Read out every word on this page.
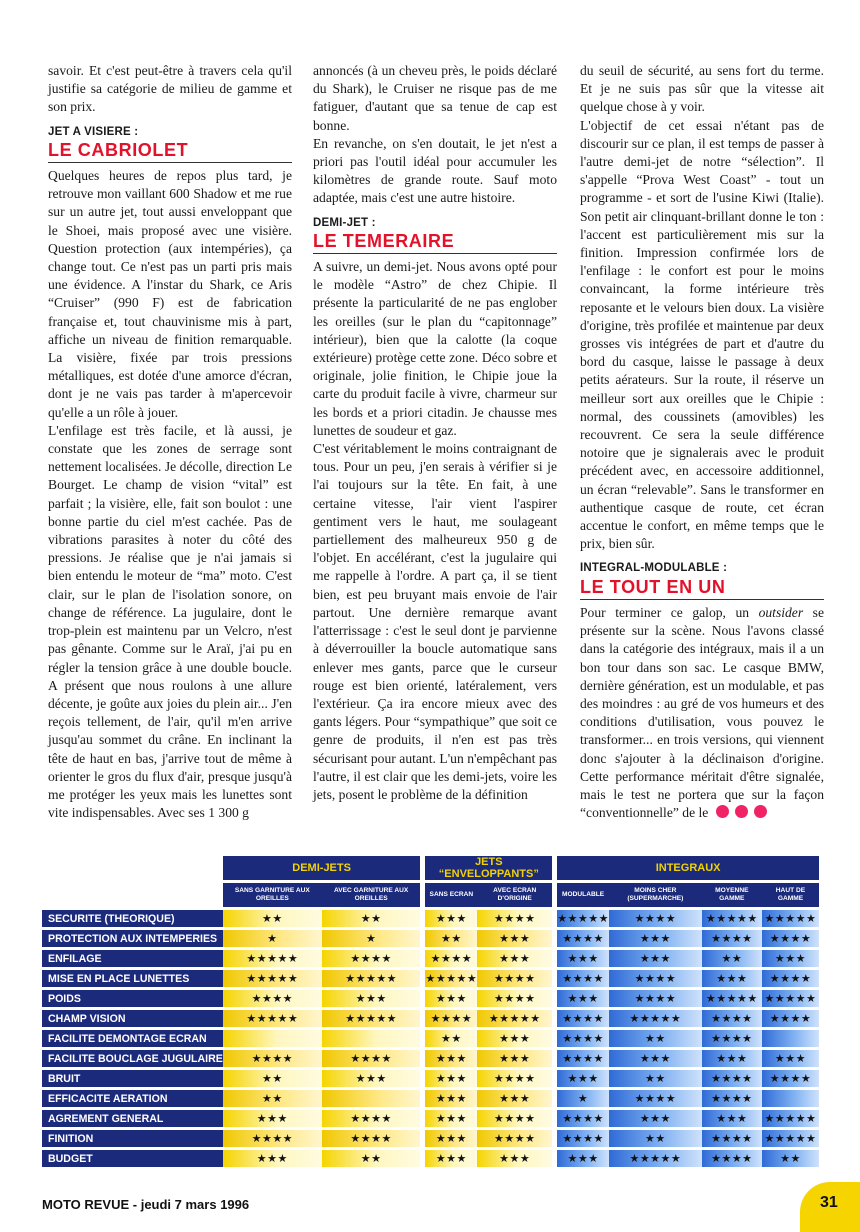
savoir. Et c'est peut-être à travers cela qu'il justifie sa catégorie de milieu de gamme et son prix.

JET A VISIERE :
LE CABRIOLET

Quelques heures de repos plus tard, je retrouve mon vaillant 600 Shadow et me rue sur un autre jet, tout aussi enveloppant que le Shoei, mais proposé avec une visière. Question protection (aux intempéries), ça change tout. Ce n'est pas un parti pris mais une évidence. A l'instar du Shark, ce Aris “Cruiser” (990 F) est de fabrication française et, tout chauvinisme mis à part, affiche un niveau de finition remarquable. La visière, fixée par trois pressions métalliques, est dotée d'une amorce d'écran, dont je ne vais pas tarder à m'apercevoir qu'elle a un rôle à jouer.

L'enfilage est très facile, et là aussi, je constate que les zones de serrage sont nettement localisées. Je décolle, direction Le Bourget. Le champ de vision “vital” est parfait ; la visière, elle, fait son boulot : une bonne partie du ciel m'est cachée. Pas de vibrations parasites à noter du côté des pressions. Je réalise que je n'ai jamais si bien entendu le moteur de “ma” moto. C'est clair, sur le plan de l'isolation sonore, on change de référence. La jugulaire, dont le trop-plein est maintenu par un Velcro, n'est pas gênante. Comme sur le Araï, j'ai pu en régler la tension grâce à une double boucle. A présent que nous roulons à une allure décente, je goûte aux joies du plein air... J'en reçois tellement, de l'air, qu'il m'en arrive jusqu'au sommet du crâne. En inclinant la tête de haut en bas, j'arrive tout de même à orienter le gros du flux d'air, presque jusqu'à me protéger les yeux mais les lunettes sont vite indispensables. Avec ses 1 300 g

annoncés (à un cheveu près, le poids déclaré du Shark), le Cruiser ne risque pas de me fatiguer, d'autant que sa tenue de cap est bonne.

En revanche, on s'en doutait, le jet n'est a priori pas l'outil idéal pour accumuler les kilomètres de grande route. Sauf moto adaptée, mais c'est une autre histoire.

DEMI-JET :
LE TEMERAIRE

A suivre, un demi-jet. Nous avons opté pour le modèle “Astro” de chez Chipie. Il présente la particularité de ne pas englober les oreilles (sur le plan du “capitonnage” intérieur), bien que la calotte (la coque extérieure) protège cette zone. Déco sobre et originale, jolie finition, le Chipie joue la carte du produit facile à vivre, charmeur sur les bords et a priori citadin. Je chausse mes lunettes de soudeur et gaz.

C'est véritablement le moins contraignant de tous. Pour un peu, j'en serais à vérifier si je l'ai toujours sur la tête. En fait, à une certaine vitesse, l'air vient l'aspirer gentiment vers le haut, me soulageant partiellement des malheureux 950 g de l'objet. En accélérant, c'est la jugulaire qui me rappelle à l'ordre. A part ça, il se tient bien, est peu bruyant mais envoie de l'air partout. Une dernière remarque avant l'atterrissage : c'est le seul dont je parvienne à déverrouiller la boucle automatique sans enlever mes gants, parce que le curseur rouge est bien orienté, latéralement, vers l'extérieur. Ça ira encore mieux avec des gants légers. Pour “sympathique” que soit ce genre de produits, il n'en est pas très sécurisant pour autant. L'un n'empêchant pas l'autre, il est clair que les demi-jets, voire les jets, posent le problème de la définition

du seuil de sécurité, au sens fort du terme. Et je ne suis pas sûr que la vitesse ait quelque chose à y voir.

L'objectif de cet essai n'étant pas de discourir sur ce plan, il est temps de passer à l'autre demi-jet de notre “sélection”. Il s'appelle “Prova West Coast” - tout un programme - et sort de l'usine Kiwi (Italie). Son petit air clinquant-brillant donne le ton : l'accent est particulièrement mis sur la finition. Impression confirmée lors de l'enfilage : le confort est pour le moins convaincant, la forme intérieure très reposante et le velours bien doux. La visière d'origine, très profilée et maintenue par deux grosses vis intégrées de part et d'autre du bord du casque, laisse le passage à deux petits aérateurs. Sur la route, il réserve un meilleur sort aux oreilles que le Chipie : normal, des coussinets (amovibles) les recouvrent. Ce sera la seule différence notoire que je signalerais avec le produit précédent avec, en accessoire additionnel, un écran “relevable”. Sans le transformer en authentique casque de route, cet écran accentue le confort, en même temps que le prix, bien sûr.

INTEGRAL-MODULABLE :
LE TOUT EN UN

Pour terminer ce galop, un outsider se présente sur la scène. Nous l'avons classé dans la catégorie des intégraux, mais il a un bon tour dans son sac. Le casque BMW, dernière génération, est un modulable, et pas des moindres : au gré de vos humeurs et des conditions d'utilisation, vous pouvez le transformer... en trois versions, qui viennent donc s'ajouter à la déclinaison d'origine. Cette performance méritait d'être signalée, mais le test ne portera que sur la façon “conventionnelle” de le

	DEMI-JETS			JETS “ENVELOPPANTS”			INTEGRAUX			
	SANS GARNITURE AUX OREILLES	AVEC GARNITURE AUX OREILLES		SANS ECRAN	AVEC ECRAN D'ORIGINE		MODULABLE	MOINS CHER (SUPERMARCHE)	MOYENNE GAMME	HAUT DE GAMME
SECURITE (THEORIQUE)	★★	★★		★★★	★★★★		★★★★★	★★★★	★★★★★	★★★★★
PROTECTION AUX INTEMPERIES	★	★		★★	★★★		★★★★	★★★	★★★★	★★★★
ENFILAGE	★★★★★	★★★★		★★★★	★★★		★★★	★★★	★★	★★★
MISE EN PLACE LUNETTES	★★★★★	★★★★★		★★★★★	★★★★		★★★★	★★★★	★★★	★★★★
POIDS	★★★★	★★★		★★★	★★★★		★★★	★★★★	★★★★★	★★★★★
CHAMP VISION	★★★★★	★★★★★		★★★★	★★★★★		★★★★	★★★★★	★★★★	★★★★
FACILITE DEMONTAGE ECRAN				★★	★★★		★★★★	★★	★★★★	
FACILITE BOUCLAGE JUGULAIRE	★★★★	★★★★		★★★	★★★		★★★★	★★★	★★★	★★★
BRUIT	★★	★★★		★★★	★★★★		★★★	★★	★★★★	★★★★
EFFICACITE AERATION	★★			★★★	★★★		★	★★★★	★★★★	
AGREMENT GENERAL	★★★	★★★★		★★★	★★★★		★★★★	★★★	★★★	★★★★★
FINITION	★★★★	★★★★		★★★	★★★★		★★★★	★★	★★★★	★★★★★
BUDGET	★★★	★★		★★★	★★★		★★★	★★★★★	★★★★	★★
MOTO REVUE - jeudi 7 mars 1996	31
